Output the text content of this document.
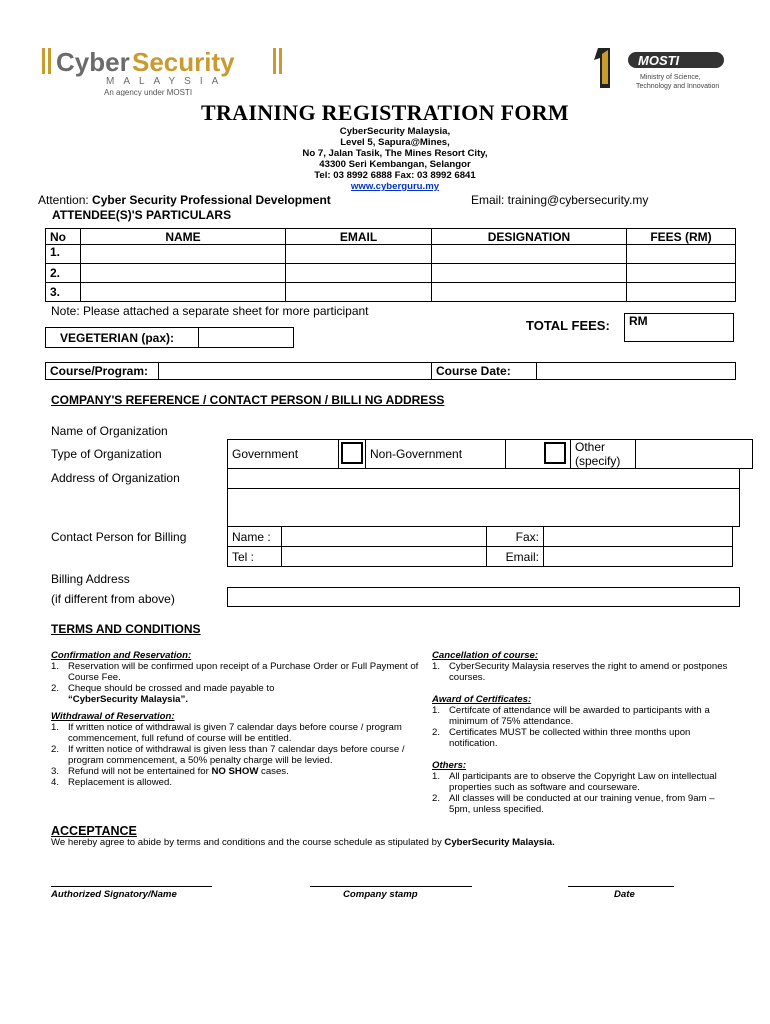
Cyber Security
MALAYSIA
An agency under MOSTI
MOSTI
Ministry of Science,
Technology and Innovation
TRAINING REGISTRATION FORM
CyberSecurity Malaysia,
Level 5, Sapura@Mines,
No 7, Jalan Tasik, The Mines Resort City,
43300 Seri Kembangan, Selangor
Tel: 03 8992 6888 Fax: 03 8992 6841
www.cyberguru.my
Attention: Cyber Security Professional Development	Email: training@cybersecurity.my
ATTENDEE(S)'S PARTICULARS
No	NAME	EMAIL	DESIGNATION	FEES (RM)
1.				
2.				
3.				
Note: Please attached a separate sheet for more participant
TOTAL FEES: RM
VEGETERIAN (pax):	
Course/Program:		Course Date:	
COMPANY'S REFERENCE / CONTACT PERSON / BILLI NG ADDRESS
Name of Organization
Type of Organization	Government		Non-Government			Other
(specify)

Address of Organization

Contact Person for Billing	Name :		Fax:	
Tel :		Email:	
Billing Address
(if different from above)
TERMS AND CONDITIONS
Confirmation and Reservation:
1. Reservation will be confirmed upon receipt of a Purchase Order or Full Payment of Course Fee.
2. Cheque should be crossed and made payable to
“CyberSecurity Malaysia”.
Withdrawal of Reservation:
1. If written notice of withdrawal is given 7 calendar days before course / program commencement, full refund of course will be entitled.
2. If written notice of withdrawal is given less than 7 calendar days before course / program commencement, a 50% penalty charge will be levied.
3. Refund will not be entertained for NO SHOW cases.
4. Replacement is allowed.
Cancellation of course:
1. CyberSecurity Malaysia reserves the right to amend or postpones courses.
Award of Certificates:
1. Certifcate of attendance will be awarded to participants with a minimum of 75% attendance.
2. Certificates MUST be collected within three months upon notification.
Others:
1. All participants are to observe the Copyright Law on intellectual properties such as software and courseware.
2. All classes will be conducted at our training venue, from 9am – 5pm, unless specified.
ACCEPTANCE
We hereby agree to abide by terms and conditions and the course schedule as stipulated by CyberSecurity Malaysia.
Authorized Signatory/Name	Company stamp	Date
